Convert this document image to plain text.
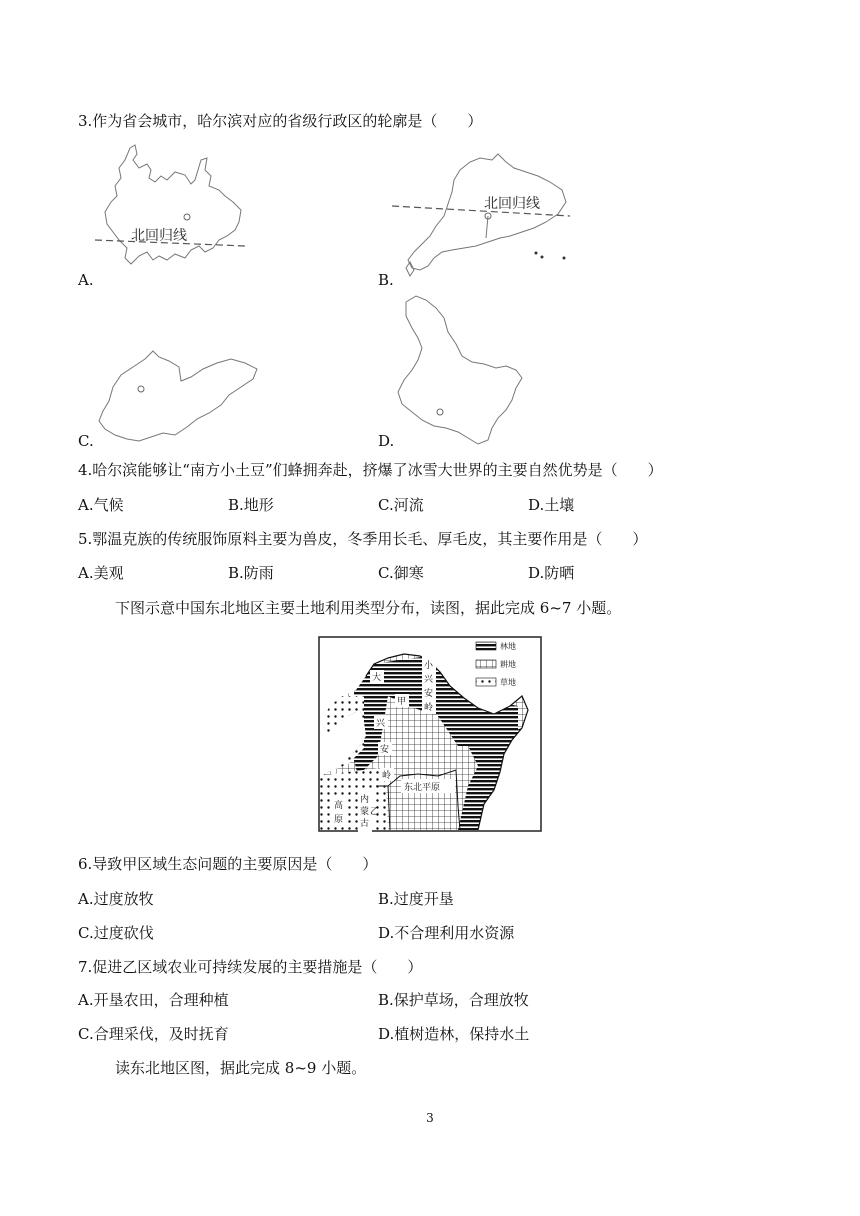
3.作为省会城市，哈尔滨对应的省级行政区的轮廓是（　　）
北回归线
A.
北回归线
B.
C.	D.
4.哈尔滨能够让“南方小土豆”们蜂拥奔赴，挤爆了冰雪大世界的主要自然优势是（　　）
A.气候	B.地形	C.河流	D.土壤
5.鄂温克族的传统服饰原料主要为兽皮，冬季用长毛、厚毛皮，其主要作用是（　　）
A.美观	B.防雨	C.御寒	D.防晒
下图示意中国东北地区主要土地利用类型分布，读图，据此完成 6~7 小题。
大
甲
兴
安
岭
小
兴
安
岭
东北平原
内
蒙
古
乙
高
原
林地
耕地
草地
6.导致甲区域生态问题的主要原因是（　　）
A.过度放牧	B.过度开垦
C.过度砍伐	D.不合理利用水资源
7.促进乙区域农业可持续发展的主要措施是（　　）
A.开垦农田，合理种植	B.保护草场，合理放牧
C.合理采伐，及时抚育	D.植树造林，保持水土
读东北地区图，据此完成 8~9 小题。
3
